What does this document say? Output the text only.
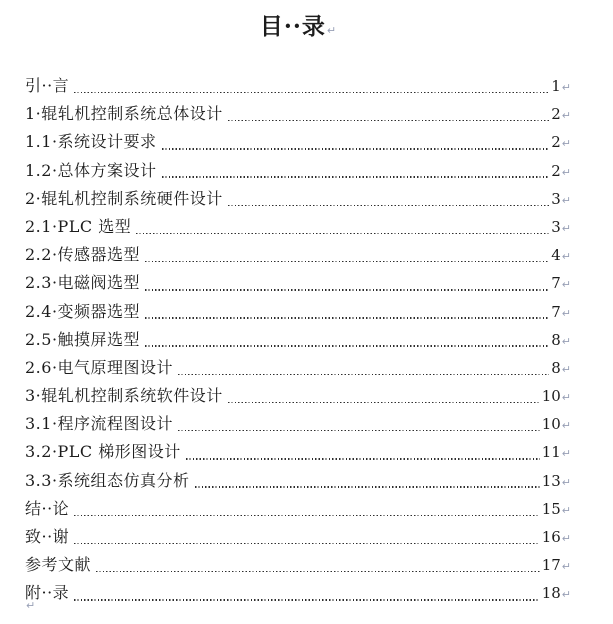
目··录↵
引··言	1 ↵
1·辊轧机控制系统总体设计	2 ↵
1.1·系统设计要求	2 ↵
1.2·总体方案设计	2 ↵
2·辊轧机控制系统硬件设计	3 ↵
2.1·PLC 选型	3 ↵
2.2·传感器选型	4 ↵
2.3·电磁阀选型	7 ↵
2.4·变频器选型	7 ↵
2.5·触摸屏选型	8 ↵
2.6·电气原理图设计	8 ↵
3·辊轧机控制系统软件设计	10 ↵
3.1·程序流程图设计	10 ↵
3.2·PLC 梯形图设计	11 ↵
3.3·系统组态仿真分析	13 ↵
结··论	15 ↵
致··谢	16 ↵
参考文献	17 ↵
附··录	18 ↵
↵
